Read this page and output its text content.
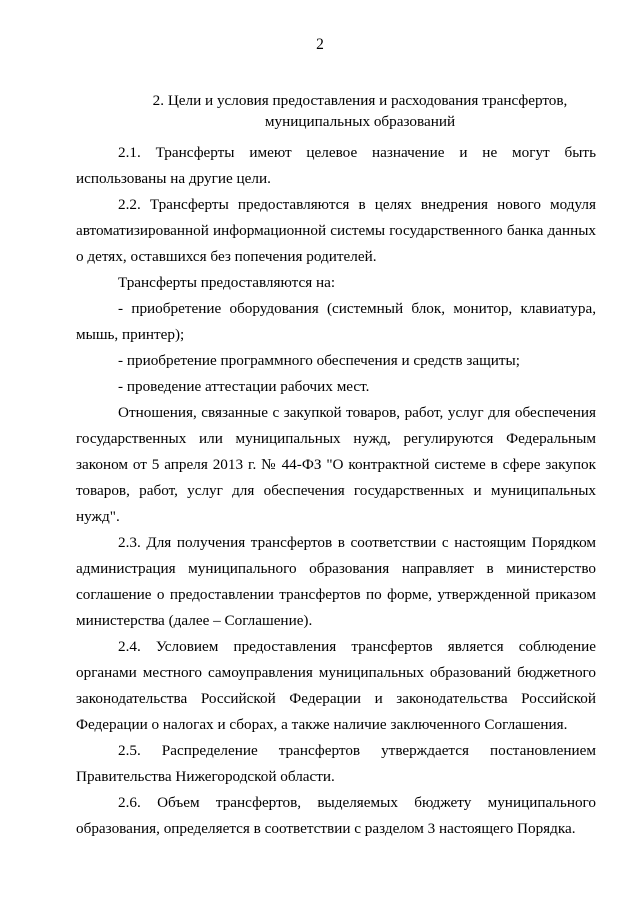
2
2. Цели и условия предоставления и расходования трансфертов,
муниципальных образований
2.1. Трансферты имеют целевое назначение и не могут быть
использованы на другие цели.
2.2. Трансферты предоставляются в целях внедрения нового модуля
автоматизированной информационной системы государственного банка данных
о детях, оставшихся без попечения родителей.
Трансферты предоставляются на:
- приобретение оборудования (системный блок, монитор, клавиатура,
мышь, принтер);
- приобретение программного обеспечения и средств защиты;
- проведение аттестации рабочих мест.
Отношения, связанные с закупкой товаров, работ, услуг для обеспечения
государственных или муниципальных нужд, регулируются Федеральным
законом от 5 апреля 2013 г. № 44-ФЗ "О контрактной системе в сфере закупок
товаров, работ, услуг для обеспечения государственных и муниципальных
нужд".
2.3. Для получения трансфертов в соответствии с настоящим Порядком
администрация муниципального образования направляет в министерство
соглашение о предоставлении трансфертов по форме, утвержденной приказом
министерства (далее – Соглашение).
2.4. Условием предоставления трансфертов является соблюдение
органами местного самоуправления муниципальных образований бюджетного
законодательства Российской Федерации и законодательства Российской
Федерации о налогах и сборах, а также наличие заключенного Соглашения.
2.5. Распределение трансфертов утверждается постановлением
Правительства Нижегородской области.
2.6. Объем трансфертов, выделяемых бюджету муниципального
образования, определяется в соответствии с разделом 3 настоящего Порядка.
